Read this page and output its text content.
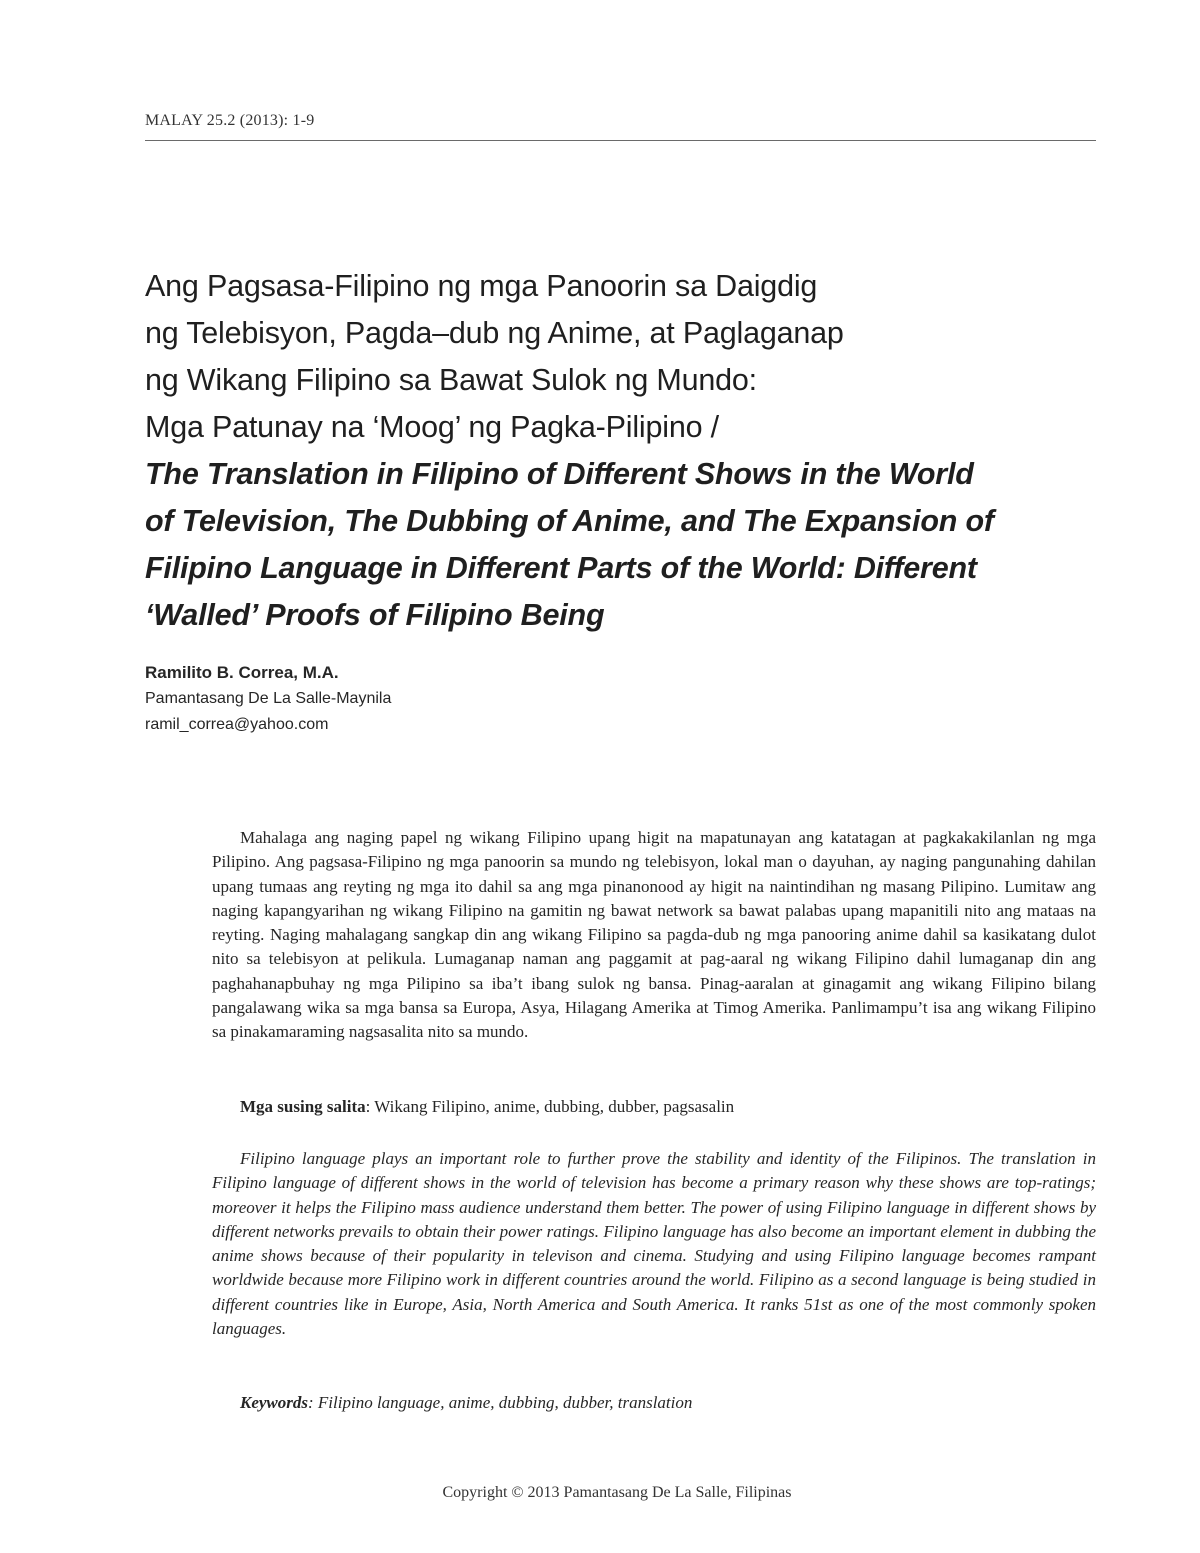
MALAY 25.2 (2013): 1-9
Ang Pagsasa-Filipino ng mga Panoorin sa Daigdig
ng Telebisyon, Pagda–dub ng Anime, at Paglaganap
ng Wikang Filipino sa Bawat Sulok ng Mundo:
Mga Patunay na ‘Moog’ ng Pagka-Pilipino /
The Translation in Filipino of Different Shows in the World
of Television, The Dubbing of Anime, and The Expansion of
Filipino Language in Different Parts of the World: Different
‘Walled’ Proofs of Filipino Being
Ramilito B. Correa, M.A.
Pamantasang De La Salle-Maynila
ramil_correa@yahoo.com

Mahalaga ang naging papel ng wikang Filipino upang higit na mapatunayan ang katatagan at pagkakakilanlan ng mga Pilipino. Ang pagsasa-Filipino ng mga panoorin sa mundo ng telebisyon, lokal man o dayuhan, ay naging pangunahing dahilan upang tumaas ang reyting ng mga ito dahil sa ang mga pinanonood ay higit na naintindihan ng masang Pilipino. Lumitaw ang naging kapangyarihan ng wikang Filipino na gamitin ng bawat network sa bawat palabas upang mapanitili nito ang mataas na reyting. Naging mahalagang sangkap din ang wikang Filipino sa pagda-dub ng mga panooring anime dahil sa kasikatang dulot nito sa telebisyon at pelikula. Lumaganap naman ang paggamit at pag-aaral ng wikang Filipino dahil lumaganap din ang paghahanapbuhay ng mga Pilipino sa iba’t ibang sulok ng bansa. Pinag-aaralan at ginagamit ang wikang Filipino bilang pangalawang wika sa mga bansa sa Europa, Asya, Hilagang Amerika at Timog Amerika. Panlimampu’t isa ang wikang Filipino sa pinakamaraming nagsasalita nito sa mundo.

Mga susing salita: Wikang Filipino, anime, dubbing, dubber, pagsasalin

Filipino language plays an important role to further prove the stability and identity of the Filipinos. The translation in Filipino language of different shows in the world of television has become a primary reason why these shows are top-ratings; moreover it helps the Filipino mass audience understand them better. The power of using Filipino language in different shows by different networks prevails to obtain their power ratings. Filipino language has also become an important element in dubbing the anime shows because of their popularity in televison and cinema. Studying and using Filipino language becomes rampant worldwide because more Filipino work in different countries around the world. Filipino as a second language is being studied in different countries like in Europe, Asia, North America and South America. It ranks 51st as one of the most commonly spoken languages.

Keywords: Filipino language, anime, dubbing, dubber, translation
Copyright © 2013 Pamantasang De La Salle, Filipinas
